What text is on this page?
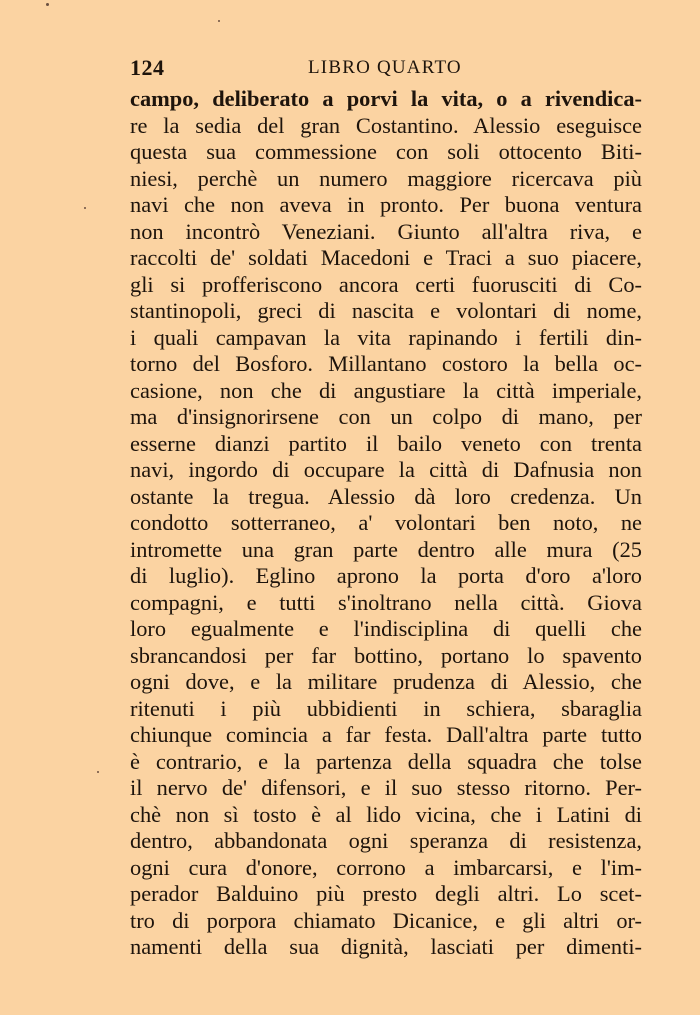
124	LIBRO QUARTO
campo, deliberato a porvi la vita, o a rivendica-
re la sedia del gran Costantino. Alessio eseguisce
questa sua commessione con soli ottocento Biti-
niesi, perchè un numero maggiore ricercava più
navi che non aveva in pronto. Per buona ventura
non incontrò Veneziani. Giunto all'altra riva, e
raccolti de' soldati Macedoni e Traci a suo piacere,
gli si profferiscono ancora certi fuorusciti di Co-
stantinopoli, greci di nascita e volontari di nome,
i quali campavan la vita rapinando i fertili din-
torno del Bosforo. Millantano costoro la bella oc-
casione, non che di angustiare la città imperiale,
ma d'insignorirsene con un colpo di mano, per
esserne dianzi partito il bailo veneto con trenta
navi, ingordo di occupare la città di Dafnusia non
ostante la tregua. Alessio dà loro credenza. Un
condotto sotterraneo, a' volontari ben noto, ne
intromette una gran parte dentro alle mura (25
di luglio). Eglino aprono la porta d'oro a'loro
compagni, e tutti s'inoltrano nella città. Giova
loro egualmente e l'indisciplina di quelli che
sbrancandosi per far bottino, portano lo spavento
ogni dove, e la militare prudenza di Alessio, che
ritenuti i più ubbidienti in schiera, sbaraglia
chiunque comincia a far festa. Dall'altra parte tutto
è contrario, e la partenza della squadra che tolse
il nervo de' difensori, e il suo stesso ritorno. Per-
chè non sì tosto è al lido vicina, che i Latini di
dentro, abbandonata ogni speranza di resistenza,
ogni cura d'onore, corrono a imbarcarsi, e l'im-
perador Balduino più presto degli altri. Lo scet-
tro di porpora chiamato Dicanice, e gli altri or-
namenti della sua dignità, lasciati per dimenti-
